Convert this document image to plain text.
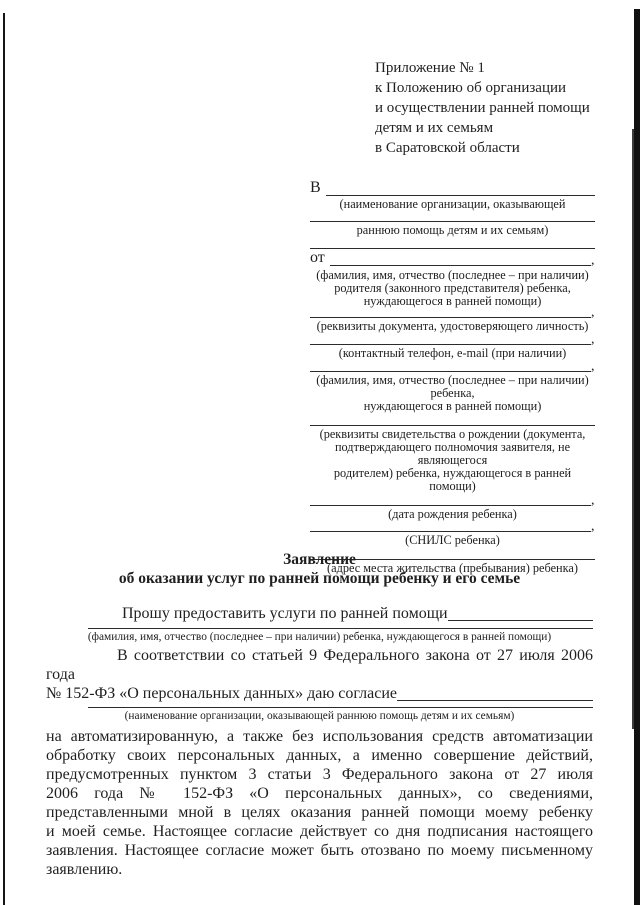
Приложение № 1
к Положению об организации
и осуществлении ранней помощи
детям и их семьям
в Саратовской области
В
(наименование организации, оказывающей
раннюю помощь детям и их семьям)
от	,
(фамилия, имя, отчество (последнее – при наличии)
родителя (законного представителя) ребенка,
нуждающегося в ранней помощи)
,
(реквизиты документа, удостоверяющего личность)
,
(контактный телефон, e-mail (при наличии)
,
(фамилия, имя, отчество (последнее – при наличии) ребенка,
нуждающегося в ранней помощи)
(реквизиты свидетельства о рождении (документа,
подтверждающего полномочия заявителя, не являющегося
родителем) ребенка, нуждающегося в ранней помощи)
,
(дата рождения ребенка)
,
(СНИЛС ребенка)
(адрес места жительства (пребывания) ребенка)
Заявление
об оказании услуг по ранней помощи ребенку и его семье
Прошу предоставить услуги по ранней помощи
(фамилия, имя, отчество (последнее – при наличии) ребенка, нуждающегося в ранней помощи)
В соответствии со статьей 9 Федерального закона от 27 июля 2006 года
№ 152-ФЗ «О персональных данных» даю согласие
(наименование организации, оказывающей раннюю помощь детям и их семьям)
на автоматизированную, а также без использования средств автоматизации
обработку своих персональных данных, а именно совершение действий,
предусмотренных пунктом 3 статьи 3 Федерального закона от 27 июля
2006 года № 152-ФЗ «О персональных данных», со сведениями,
представленными мной в целях оказания ранней помощи моему ребенку
и моей семье. Настоящее согласие действует со дня подписания настоящего
заявления. Настоящее согласие может быть отозвано по моему письменному
заявлению.
